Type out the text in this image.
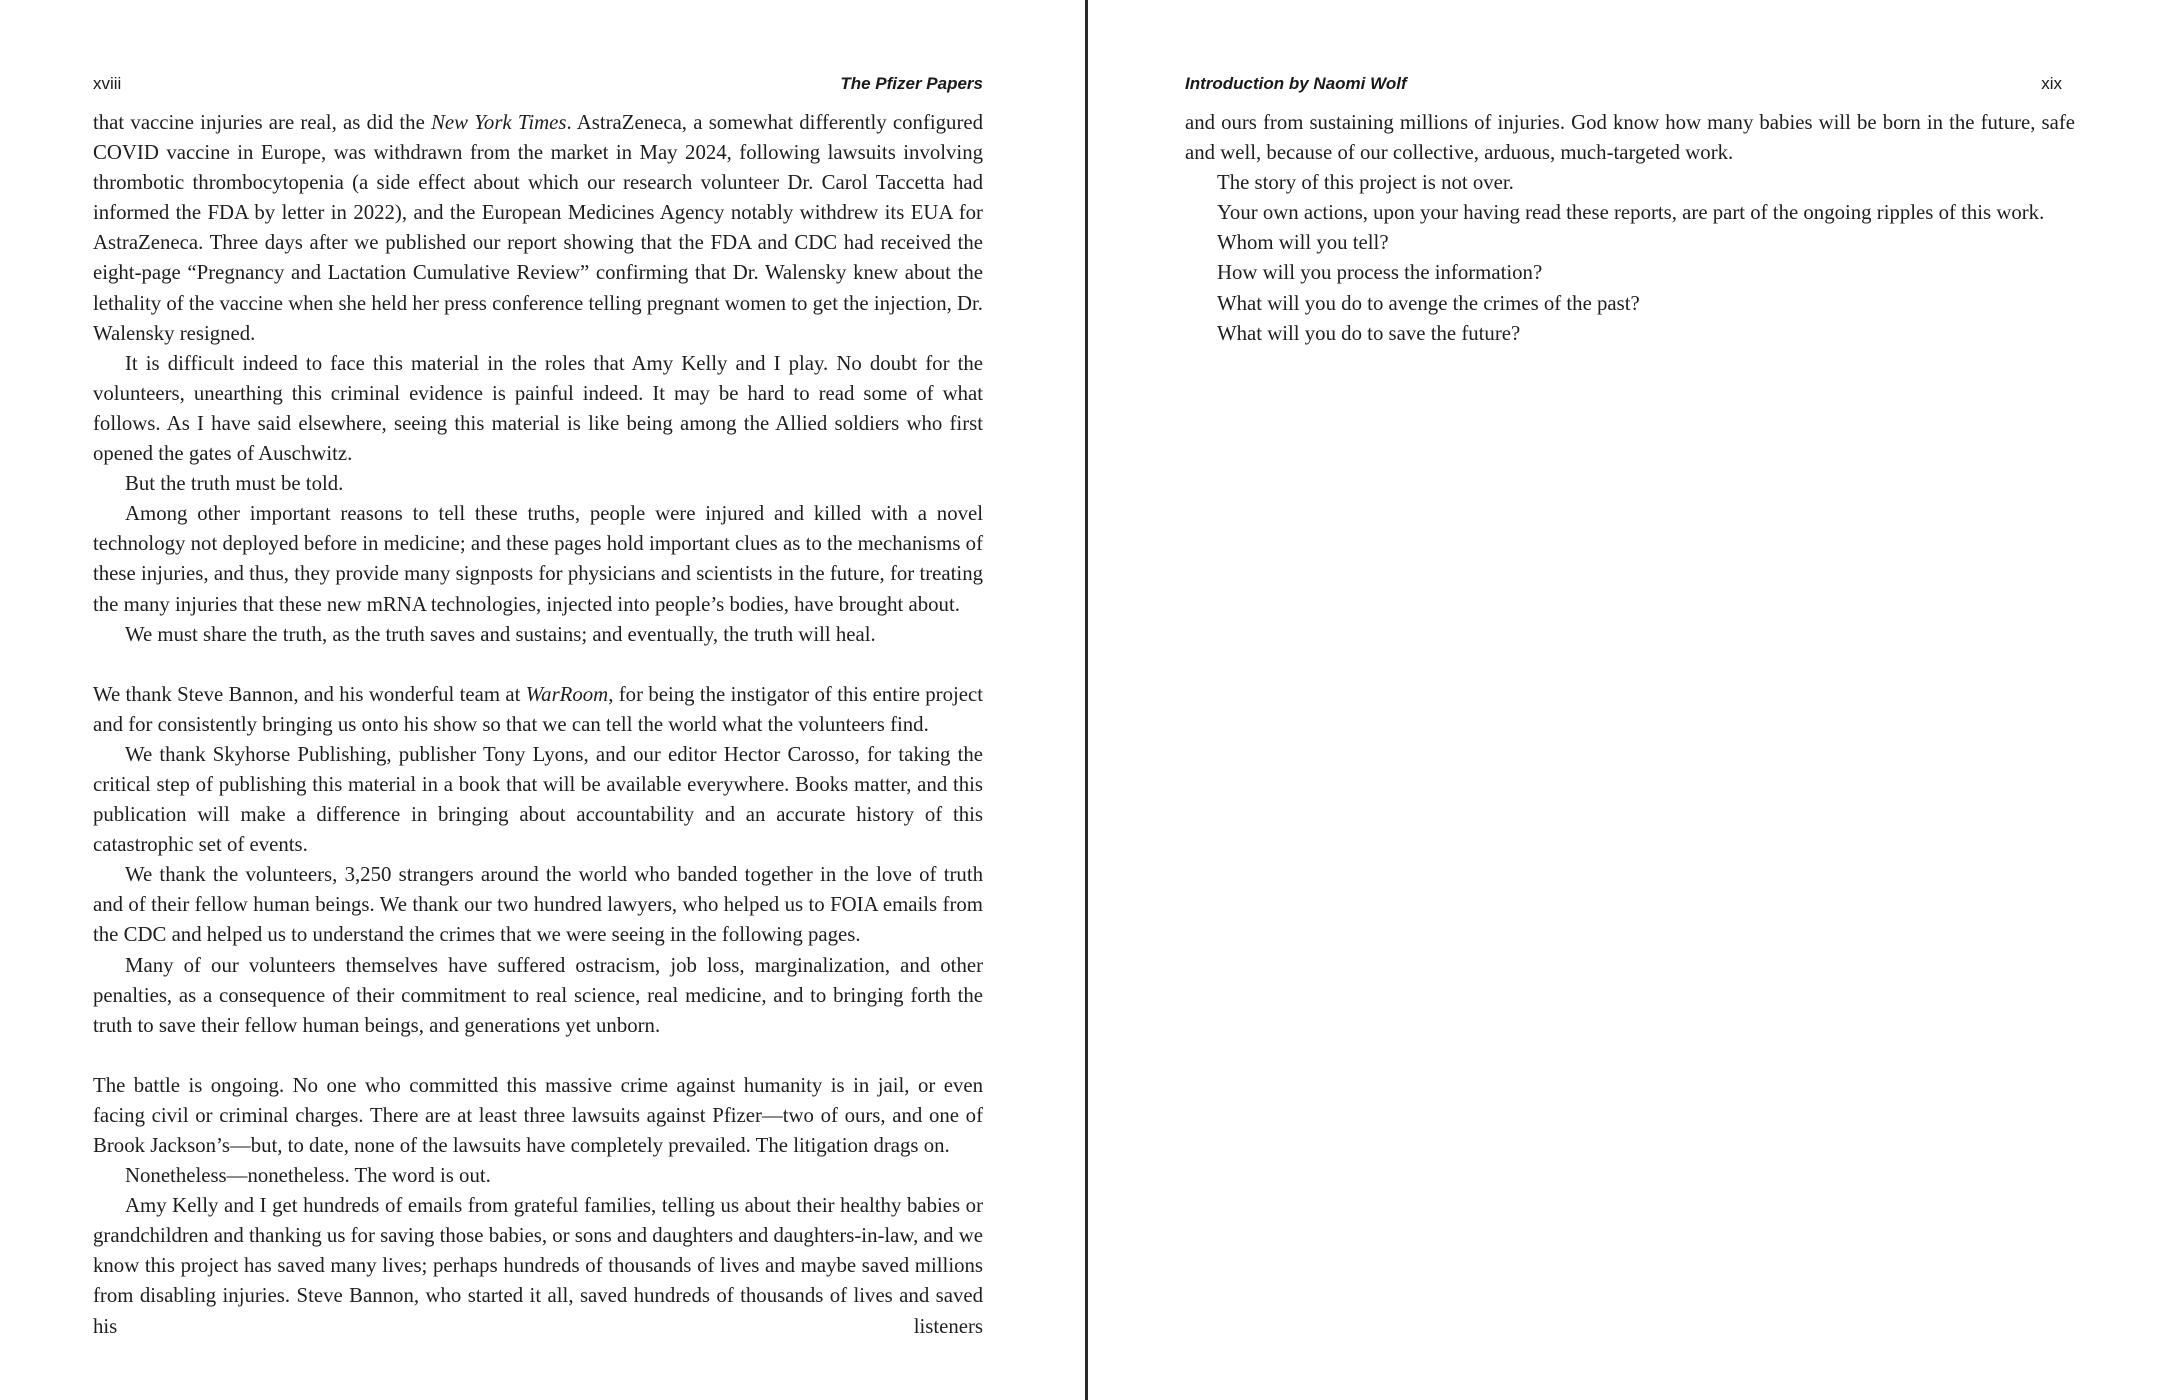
xviii	The Pfizer Papers

that vaccine injuries are real, as did the New York Times. AstraZeneca, a somewhat differently configured COVID vaccine in Europe, was withdrawn from the market in May 2024, following lawsuits involving thrombotic thrombocytopenia (a side effect about which our research volunteer Dr. Carol Taccetta had informed the FDA by letter in 2022), and the European Medicines Agency notably withdrew its EUA for AstraZeneca. Three days after we published our report showing that the FDA and CDC had received the eight-page “Pregnancy and Lactation Cumulative Review” confirming that Dr. Walensky knew about the lethality of the vaccine when she held her press conference telling pregnant women to get the injection, Dr. Walensky resigned.

It is difficult indeed to face this material in the roles that Amy Kelly and I play. No doubt for the volunteers, unearthing this criminal evidence is painful indeed. It may be hard to read some of what follows. As I have said elsewhere, seeing this material is like being among the Allied soldiers who first opened the gates of Auschwitz.

But the truth must be told.

Among other important reasons to tell these truths, people were injured and killed with a novel technology not deployed before in medicine; and these pages hold important clues as to the mechanisms of these injuries, and thus, they provide many signposts for physicians and scientists in the future, for treating the many injuries that these new mRNA technologies, injected into people’s bodies, have brought about.

We must share the truth, as the truth saves and sustains; and eventually, the truth will heal.

We thank Steve Bannon, and his wonderful team at WarRoom, for being the instigator of this entire project and for consistently bringing us onto his show so that we can tell the world what the volunteers find.

We thank Skyhorse Publishing, publisher Tony Lyons, and our editor Hector Carosso, for taking the critical step of publishing this material in a book that will be available everywhere. Books matter, and this publication will make a difference in bringing about accountability and an accurate history of this catastrophic set of events.

We thank the volunteers, 3,250 strangers around the world who banded together in the love of truth and of their fellow human beings. We thank our two hundred lawyers, who helped us to FOIA emails from the CDC and helped us to understand the crimes that we were seeing in the following pages.

Many of our volunteers themselves have suffered ostracism, job loss, marginalization, and other penalties, as a consequence of their commitment to real science, real medicine, and to bringing forth the truth to save their fellow human beings, and generations yet unborn.

The battle is ongoing. No one who committed this massive crime against humanity is in jail, or even facing civil or criminal charges. There are at least three lawsuits against Pfizer—two of ours, and one of Brook Jackson’s—but, to date, none of the lawsuits have completely prevailed. The litigation drags on.

Nonetheless—nonetheless. The word is out.

Amy Kelly and I get hundreds of emails from grateful families, telling us about their healthy babies or grandchildren and thanking us for saving those babies, or sons and daughters and daughters-in-law, and we know this project has saved many lives; perhaps hundreds of thousands of lives and maybe saved millions from disabling injuries. Steve Bannon, who started it all, saved hundreds of thousands of lives and saved his listeners

Introduction by Naomi Wolf	xix

and ours from sustaining millions of injuries. God know how many babies will be born in the future, safe and well, because of our collective, arduous, much-targeted work.

The story of this project is not over.

Your own actions, upon your having read these reports, are part of the ongoing ripples of this work.

Whom will you tell?

How will you process the information?

What will you do to avenge the crimes of the past?

What will you do to save the future?
